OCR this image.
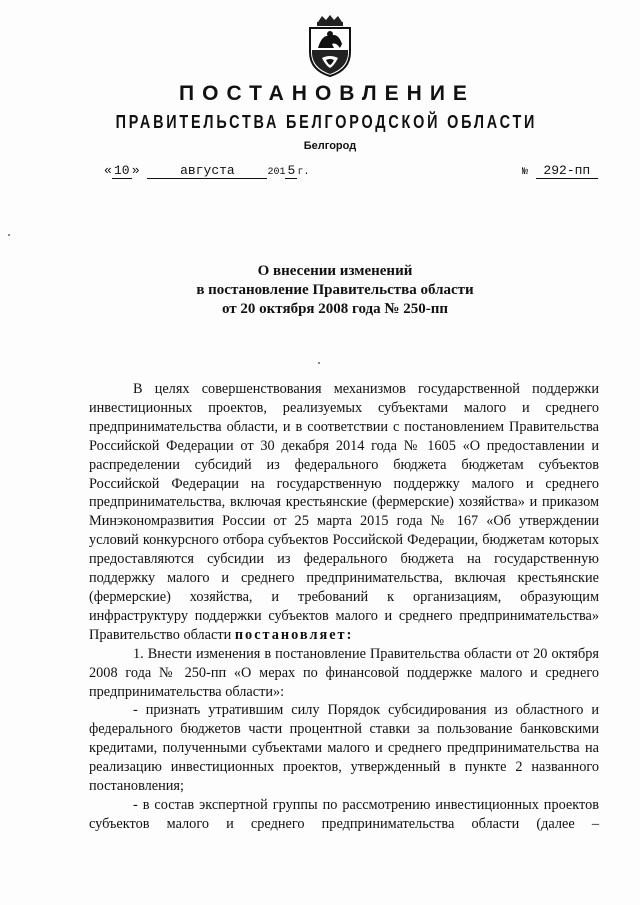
ПОСТАНОВЛЕНИЕ
ПРАВИТЕЛЬСТВА БЕЛГОРОДСКОЙ ОБЛАСТИ
Белгород
« 10 »	августа	201 5 г.	№ 292-пп
О внесении изменений
в постановление Правительства области
от 20 октября 2008 года № 250-пп

В целях совершенствования механизмов государственной поддержки инвестиционных проектов, реализуемых субъектами малого и среднего предпринимательства области, и в соответствии с постановлением Правительства Российской Федерации от 30 декабря 2014 года № 1605 «О предоставлении и распределении субсидий из федерального бюджета бюджетам субъектов Российской Федерации на государственную поддержку малого и среднего предпринимательства, включая крестьянские (фермерские) хозяйства» и приказом Минэкономразвития России от 25 марта 2015 года № 167 «Об утверждении условий конкурсного отбора субъектов Российской Федерации, бюджетам которых предоставляются субсидии из федерального бюджета на государственную поддержку малого и среднего предпринимательства, включая крестьянские (фермерские) хозяйства, и требований к организациям, образующим инфраструктуру поддержки субъектов малого и среднего предпринимательства» Правительство области постановляет:

1. Внести изменения в постановление Правительства области от 20 октября 2008 года № 250-пп «О мерах по финансовой поддержке малого и среднего предпринимательства области»:

- признать утратившим силу Порядок субсидирования из областного и федерального бюджетов части процентной ставки за пользование банковскими кредитами, полученными субъектами малого и среднего предпринимательства на реализацию инвестиционных проектов, утвержденный в пункте 2 названного постановления;

- в состав экспертной группы по рассмотрению инвестиционных проектов субъектов малого и среднего предпринимательства области (далее –
